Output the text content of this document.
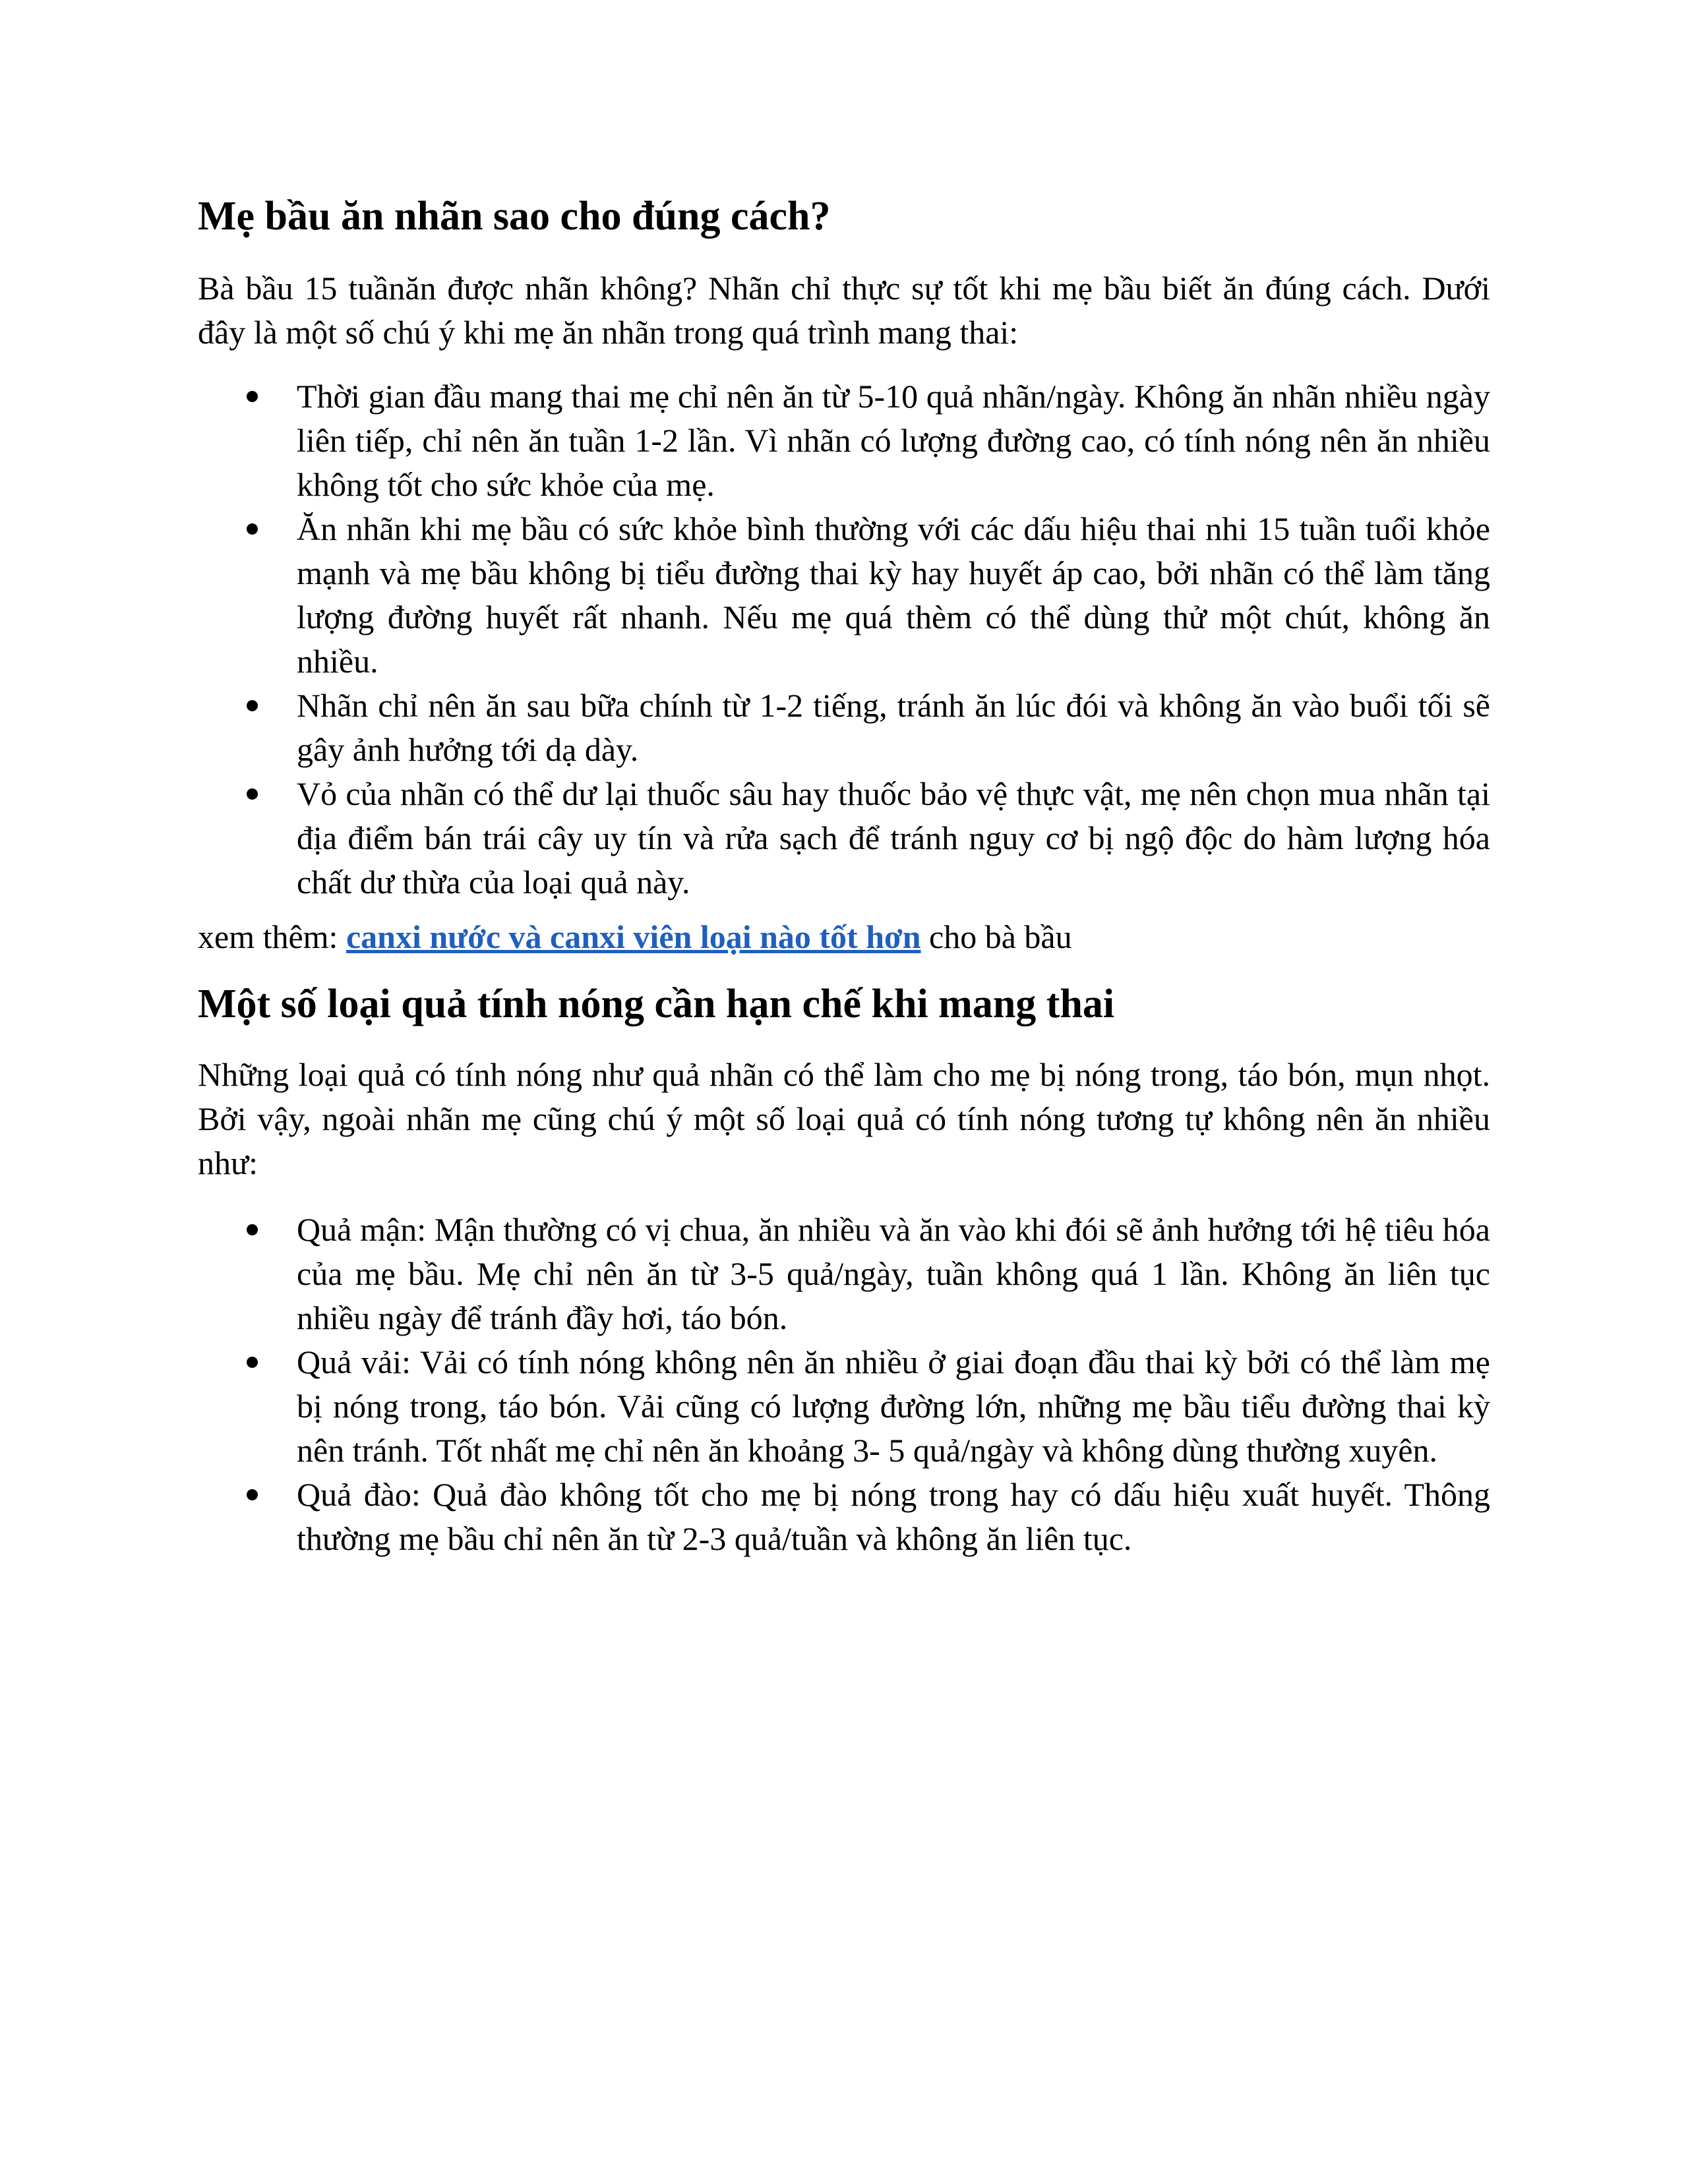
Mẹ bầu ăn nhãn sao cho đúng cách?

Bà bầu 15 tuầnăn được nhãn không? Nhãn chỉ thực sự tốt khi mẹ bầu biết ăn đúng cách. Dưới đây là một số chú ý khi mẹ ăn nhãn trong quá trình mang thai:

Thời gian đầu mang thai mẹ chỉ nên ăn từ 5-10 quả nhãn/ngày. Không ăn nhãn nhiều ngày liên tiếp, chỉ nên ăn tuần 1-2 lần. Vì nhãn có lượng đường cao, có tính nóng nên ăn nhiều không tốt cho sức khỏe của mẹ.
Ăn nhãn khi mẹ bầu có sức khỏe bình thường với các dấu hiệu thai nhi 15 tuần tuổi khỏe mạnh và mẹ bầu không bị tiểu đường thai kỳ hay huyết áp cao, bởi nhãn có thể làm tăng lượng đường huyết rất nhanh. Nếu mẹ quá thèm có thể dùng thử một chút, không ăn nhiều.
Nhãn chỉ nên ăn sau bữa chính từ 1-2 tiếng, tránh ăn lúc đói và không ăn vào buổi tối sẽ gây ảnh hưởng tới dạ dày.
Vỏ của nhãn có thể dư lại thuốc sâu hay thuốc bảo vệ thực vật, mẹ nên chọn mua nhãn tại địa điểm bán trái cây uy tín và rửa sạch để tránh nguy cơ bị ngộ độc do hàm lượng hóa chất dư thừa của loại quả này.

xem thêm: canxi nước và canxi viên loại nào tốt hơn cho bà bầu

Một số loại quả tính nóng cần hạn chế khi mang thai

Những loại quả có tính nóng như quả nhãn có thể làm cho mẹ bị nóng trong, táo bón, mụn nhọt. Bởi vậy, ngoài nhãn mẹ cũng chú ý một số loại quả có tính nóng tương tự không nên ăn nhiều như:

Quả mận: Mận thường có vị chua, ăn nhiều và ăn vào khi đói sẽ ảnh hưởng tới hệ tiêu hóa của mẹ bầu. Mẹ chỉ nên ăn từ 3-5 quả/ngày, tuần không quá 1 lần. Không ăn liên tục nhiều ngày để tránh đầy hơi, táo bón.
Quả vải: Vải có tính nóng không nên ăn nhiều ở giai đoạn đầu thai kỳ bởi có thể làm mẹ bị nóng trong, táo bón. Vải cũng có lượng đường lớn, những mẹ bầu tiểu đường thai kỳ nên tránh. Tốt nhất mẹ chỉ nên ăn khoảng 3- 5 quả/ngày và không dùng thường xuyên.
Quả đào: Quả đào không tốt cho mẹ bị nóng trong hay có dấu hiệu xuất huyết. Thông thường mẹ bầu chỉ nên ăn từ 2-3 quả/tuần và không ăn liên tục.
